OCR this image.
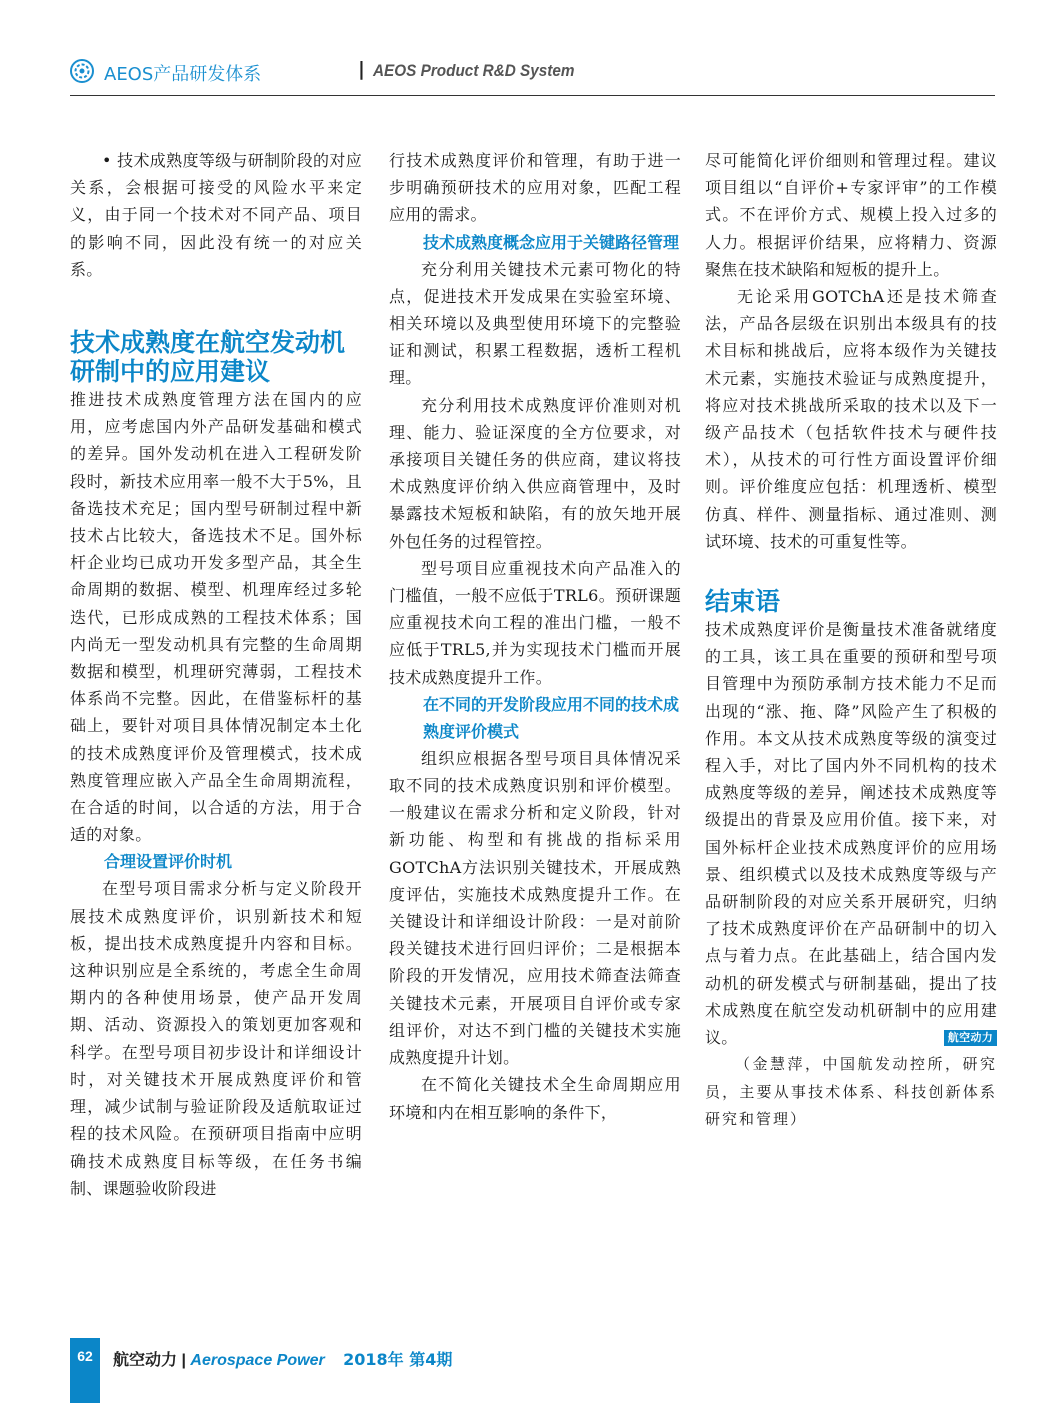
AEOS产品研发体系	| AEOS Product R&D System

• 技术成熟度等级与研制阶段的对应关系，会根据可接受的风险水平来定义，由于同一个技术对不同产品、项目的影响不同，因此没有统一的对应关系。

技术成熟度在航空发动机研制中的应用建议

推进技术成熟度管理方法在国内的应用，应考虑国内外产品研发基础和模式的差异。国外发动机在进入工程研发阶段时，新技术应用率一般不大于5%，且备选技术充足；国内型号研制过程中新技术占比较大，备选技术不足。国外标杆企业均已成功开发多型产品，其全生命周期的数据、模型、机理库经过多轮迭代，已形成成熟的工程技术体系；国内尚无一型发动机具有完整的生命周期数据和模型，机理研究薄弱，工程技术体系尚不完整。因此，在借鉴标杆的基础上，要针对项目具体情况制定本土化的技术成熟度评价及管理模式，技术成熟度管理应嵌入产品全生命周期流程，在合适的时间，以合适的方法，用于合适的对象。

合理设置评价时机

在型号项目需求分析与定义阶段开展技术成熟度评价，识别新技术和短板，提出技术成熟度提升内容和目标。这种识别应是全系统的，考虑全生命周期内的各种使用场景，使产品开发周期、活动、资源投入的策划更加客观和科学。在型号项目初步设计和详细设计时，对关键技术开展成熟度评价和管理，减少试制与验证阶段及适航取证过程的技术风险。在预研项目指南中应明确技术成熟度目标等级，在任务书编制、课题验收阶段进

行技术成熟度评价和管理，有助于进一步明确预研技术的应用对象，匹配工程应用的需求。

技术成熟度概念应用于关键路径管理

充分利用关键技术元素可物化的特点，促进技术开发成果在实验室环境、相关环境以及典型使用环境下的完整验证和测试，积累工程数据，透析工程机理。

充分利用技术成熟度评价准则对机理、能力、验证深度的全方位要求，对承接项目关键任务的供应商，建议将技术成熟度评价纳入供应商管理中，及时暴露技术短板和缺陷，有的放矢地开展外包任务的过程管控。

型号项目应重视技术向产品准入的门槛值，一般不应低于TRL6。预研课题应重视技术向工程的准出门槛，一般不应低于TRL5,并为实现技术门槛而开展技术成熟度提升工作。

在不同的开发阶段应用不同的技术成熟度评价模式

组织应根据各型号项目具体情况采取不同的技术成熟度识别和评价模型。一般建议在需求分析和定义阶段，针对新功能、构型和有挑战的指标采用GOTChA方法识别关键技术，开展成熟度评估，实施技术成熟度提升工作。在关键设计和详细设计阶段：一是对前阶段关键技术进行回归评价；二是根据本阶段的开发情况，应用技术筛查法筛查关键技术元素，开展项目自评价或专家组评价，对达不到门槛的关键技术实施成熟度提升计划。

在不简化关键技术全生命周期应用环境和内在相互影响的条件下，

尽可能简化评价细则和管理过程。建议项目组以“自评价+专家评审”的工作模式。不在评价方式、规模上投入过多的人力。根据评价结果，应将精力、资源聚焦在技术缺陷和短板的提升上。

无论采用GOTChA还是技术筛查法，产品各层级在识别出本级具有的技术目标和挑战后，应将本级作为关键技术元素，实施技术验证与成熟度提升，将应对技术挑战所采取的技术以及下一级产品技术（包括软件技术与硬件技术），从技术的可行性方面设置评价细则。评价维度应包括：机理透析、模型仿真、样件、测量指标、通过准则、测试环境、技术的可重复性等。

结束语

技术成熟度评价是衡量技术准备就绪度的工具，该工具在重要的预研和型号项目管理中为预防承制方技术能力不足而出现的“涨、拖、降”风险产生了积极的作用。本文从技术成熟度等级的演变过程入手，对比了国内外不同机构的技术成熟度等级的差异，阐述技术成熟度等级提出的背景及应用价值。接下来，对国外标杆企业技术成熟度评价的应用场景、组织模式以及技术成熟度等级与产品研制阶段的对应关系开展研究，归纳了技术成熟度评价在产品研制中的切入点与着力点。在此基础上，结合国内发动机的研发模式与研制基础，提出了技术成熟度在航空发动机研制中的应用建议。	航空动力

（金慧萍，中国航发动控所，研究员，主要从事技术体系、科技创新体系研究和管理）

62	航空动力 | Aerospace Power 2018年 第4期
